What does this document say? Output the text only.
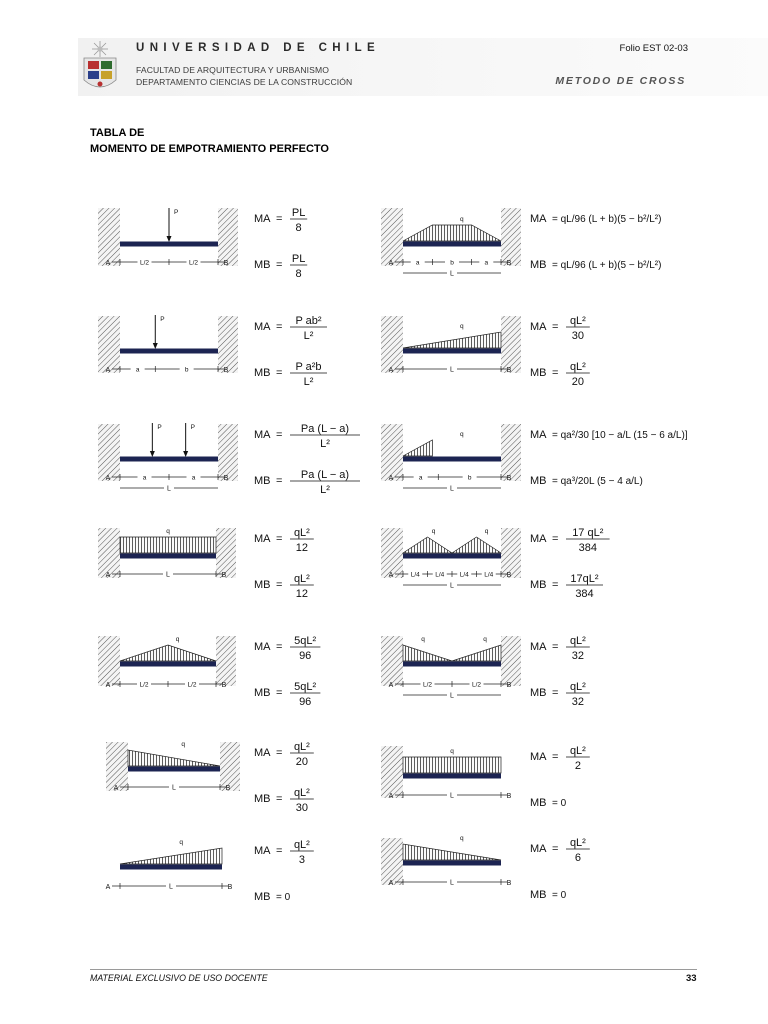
UNIVERSIDAD DE CHILE
FACULTAD DE ARQUITECTURA Y URBANISMO
DEPARTAMENTO CIENCIAS DE LA CONSTRUCCIÓN
Folio EST 02-03
METODO DE CROSS
TABLA DE
MOMENTO DE EMPOTRAMIENTO PERFECTO
P
A	B
L/2	L/2
MA = PL
8
MB = PL
8
q
A	B
a	b	a
L
MA = qL/96 (L + b)(5 − b²/L²)
MB = qL/96 (L + b)(5 − b²/L²)
P
A	B
a	b
MA = P ab²
L²
MB = P a²b
L²
q
A	B
L
MA = qL²
30
MB = qL²
20
P	P
A	B
a	a
L
MA = Pa (L − a)
L²
MB = Pa (L − a)
L²
q
A	B
a	b
L
MA = qa²/30 [10 − a/L (15 − 6 a/L)]
MB = qa³/20L (5 − 4 a/L)
q
A	B
L
MA = qL²
12
MB = qL²
12
q	q
A	B
L/4 L/4 L/4 L/4
L
MA = 17 qL²
384
MB = 17qL²
384
q
A	B
L/2	L/2
MA = 5qL²
96
MB = 5qL²
96
q	q
A	B
L/2	L/2
L
MA = qL²
32
MB = qL²
32
q
A	B
L
MA = qL²
20
MB = qL²
30
q
A	B
L
MA = qL²
2
MB = 0
q
A	B
L
MA = qL²
3
MB = 0
q
A	B
L
MA = qL²
6
MB = 0
MATERIAL EXCLUSIVO DE USO DOCENTE	33
